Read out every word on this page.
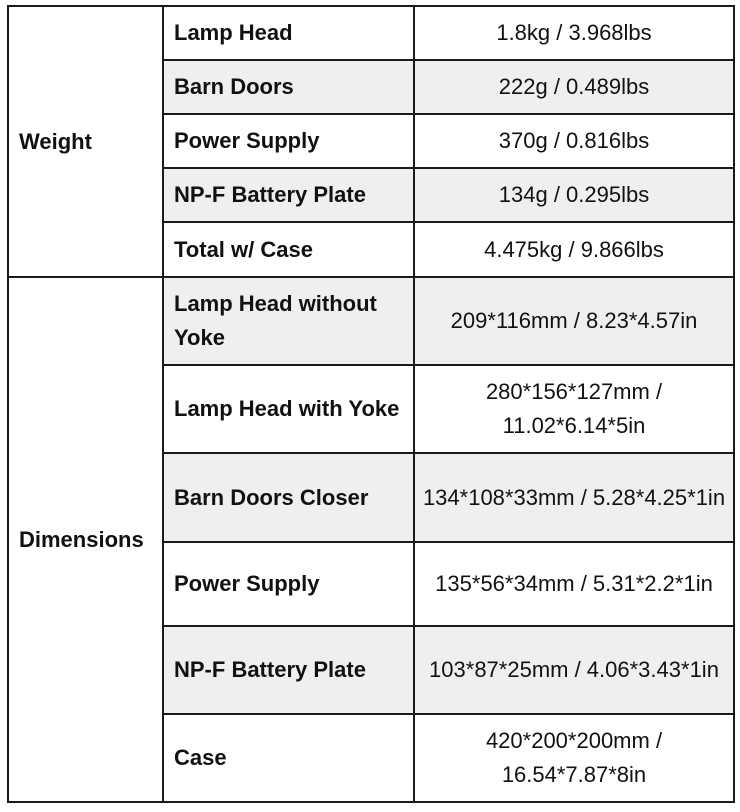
Weight	Lamp Head	1.8kg / 3.968lbs
	Barn Doors	222g / 0.489lbs
	Power Supply	370g / 0.816lbs
	NP-F Battery Plate	134g / 0.295lbs
	Total w/ Case	4.475kg / 9.866lbs
Dimensions	Lamp Head without Yoke	209*116mm / 8.23*4.57in
	Lamp Head with Yoke	280*156*127mm / 11.02*6.14*5in
	Barn Doors Closer	134*108*33mm / 5.28*4.25*1in
	Power Supply	135*56*34mm / 5.31*2.2*1in
	NP-F Battery Plate	103*87*25mm / 4.06*3.43*1in
	Case	420*200*200mm / 16.54*7.87*8in
